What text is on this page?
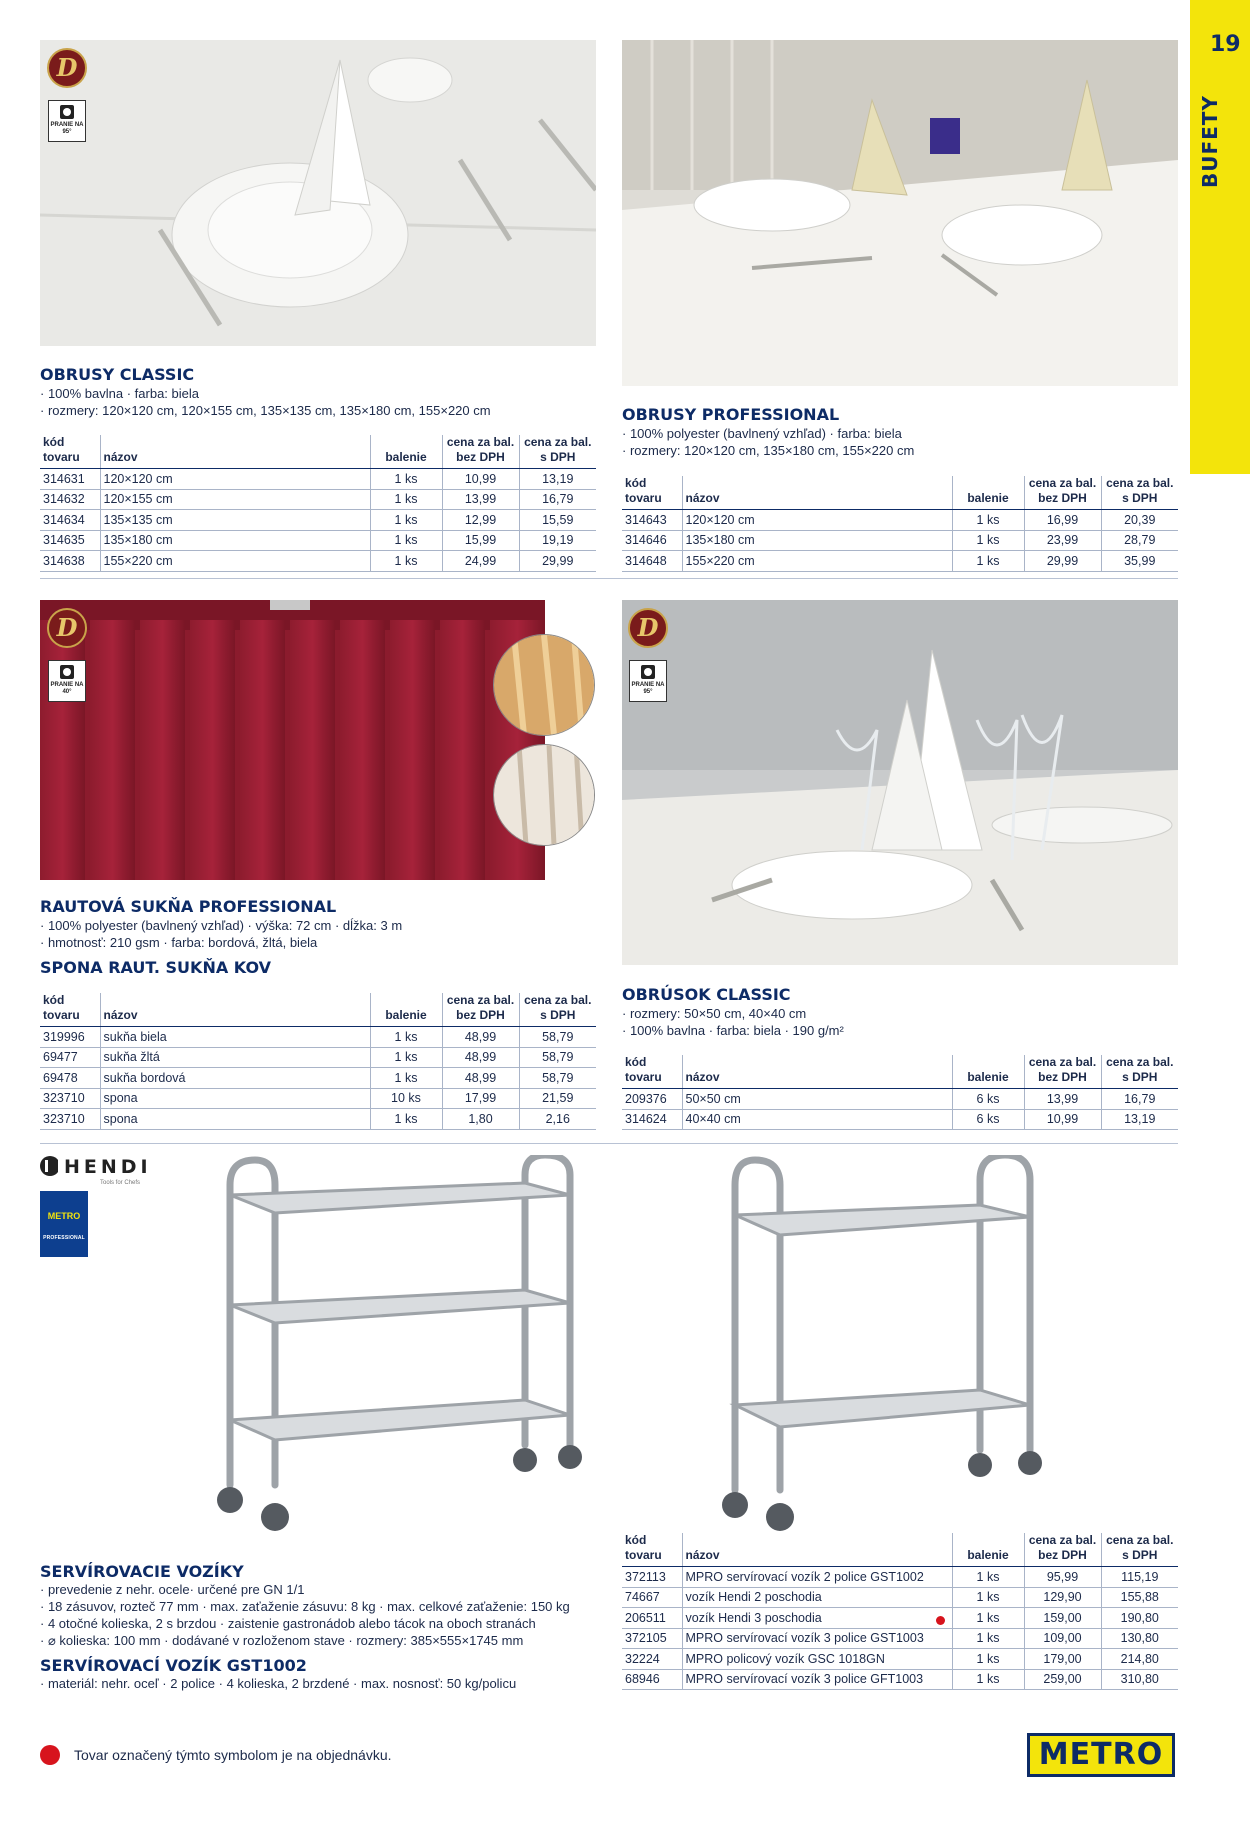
19
BUFETY
D
PRANIE NA 95°
OBRUSY CLASSIC
· 100% bavlna · farba: biela
· rozmery: 120×120 cm, 120×155 cm, 135×135 cm, 135×180 cm, 155×220 cm
kód tovaru	názov	balenie	cena za bal. bez DPH	cena za bal. s DPH
314631	120×120 cm	1 ks	10,99	13,19
314632	120×155 cm	1 ks	13,99	16,79
314634	135×135 cm	1 ks	12,99	15,59
314635	135×180 cm	1 ks	15,99	19,19
314638	155×220 cm	1 ks	24,99	29,99
OBRUSY PROFESSIONAL
· 100% polyester (bavlnený vzhľad) · farba: biela
· rozmery: 120×120 cm, 135×180 cm, 155×220 cm
kód tovaru	názov	balenie	cena za bal. bez DPH	cena za bal. s DPH
314643	120×120 cm	1 ks	16,99	20,39
314646	135×180 cm	1 ks	23,99	28,79
314648	155×220 cm	1 ks	29,99	35,99
D
PRANIE NA 40°
D
PRANIE NA 95°
RAUTOVÁ SUKŇA PROFESSIONAL
· 100% polyester (bavlnený vzhľad) · výška: 72 cm · dĺžka: 3 m
· hmotnosť: 210 gsm · farba: bordová, žltá, biela
SPONA RAUT. SUKŇA KOV
kód tovaru	názov	balenie	cena za bal. bez DPH	cena za bal. s DPH
319996	sukňa biela	1 ks	48,99	58,79
69477	sukňa žltá	1 ks	48,99	58,79
69478	sukňa bordová	1 ks	48,99	58,79
323710	spona	10 ks	17,99	21,59
323710	spona	1 ks	1,80	2,16
OBRÚSOK CLASSIC
· rozmery: 50×50 cm, 40×40 cm
· 100% bavlna · farba: biela · 190 g/m²
kód tovaru	názov	balenie	cena za bal. bez DPH	cena za bal. s DPH
209376	50×50 cm	6 ks	13,99	16,79
314624	40×40 cm	6 ks	10,99	13,19
HENDI
Tools for Chefs
METRO
PROFESSIONAL
SERVÍROVACIE VOZÍKY
· prevedenie z nehr. ocele· určené pre GN 1/1
· 18 zásuvov, rozteč 77 mm · max. zaťaženie zásuvu: 8 kg · max. celkové zaťaženie: 150 kg
· 4 otočné kolieska, 2 s brzdou · zaistenie gastronádob alebo tácok na oboch stranách
· ⌀ kolieska: 100 mm · dodávané v rozloženom stave · rozmery: 385×555×1745 mm
SERVÍROVACÍ VOZÍK GST1002
· materiál: nehr. oceľ · 2 police · 4 kolieska, 2 brzdené · max. nosnosť: 50 kg/policu
kód tovaru	názov	balenie	cena za bal. bez DPH	cena za bal. s DPH
372113	MPRO servírovací vozík 2 police GST1002	1 ks	95,99	115,19
74667	vozík Hendi 2 poschodia	1 ks	129,90	155,88
206511	vozík Hendi 3 poschodia	1 ks	159,00	190,80
372105	MPRO servírovací vozík 3 police GST1003	1 ks	109,00	130,80
32224	MPRO policový vozík GSC 1018GN	1 ks	179,00	214,80
68946	MPRO servírovací vozík 3 police GFT1003	1 ks	259,00	310,80
Tovar označený týmto symbolom je na objednávku.	METRO
